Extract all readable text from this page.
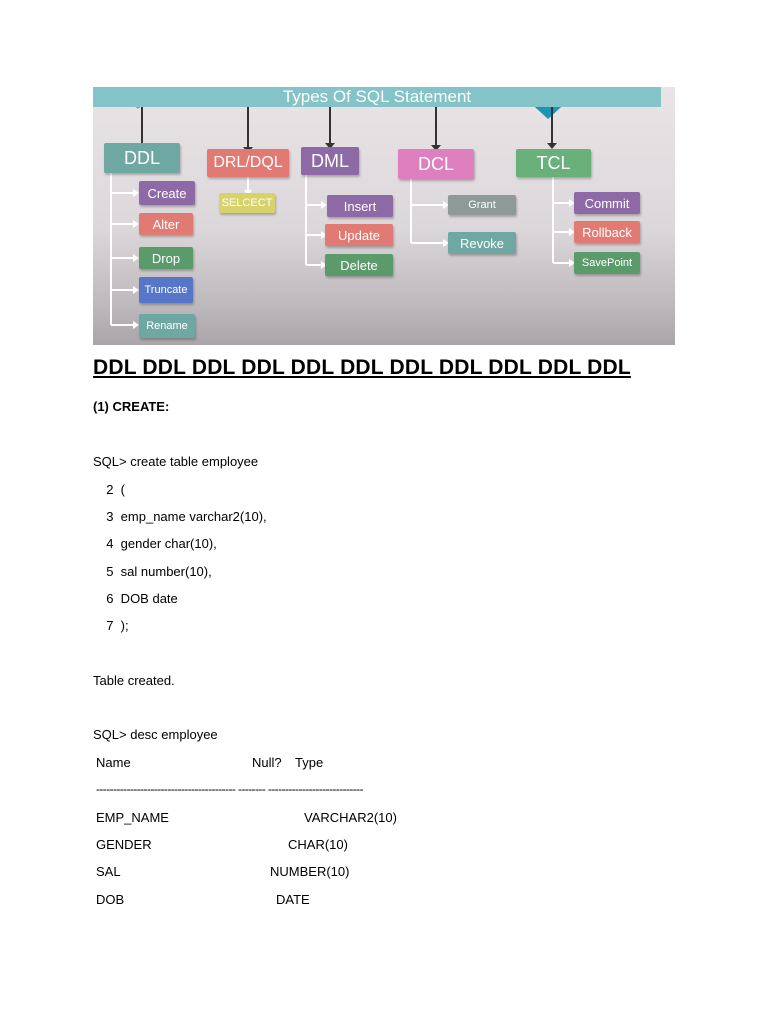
DDL	DRL/DQL	DML	DCL	TCL
Create
Alter
Drop
Truncate
Rename
SELCECT	Insert
Update
Delete
Grant
Revoke
Commit
Rollback
SavePoint
Types Of SQL Statement
DDL DDL DDL DDL DDL DDL DDL DDL DDL DDL DDL
(1) CREATE:
SQL> create table employee
2  (
3  emp_name varchar2(10),
4  gender char(10),
5  sal number(10),
6  DOB date
7  );
Table created.
SQL> desc employee
Name	Null? Type
----------------------------------------- -------- ----------------------------
EMP_NAME	VARCHAR2(10)
GENDER	CHAR(10)
SAL	NUMBER(10)
DOB	DATE
